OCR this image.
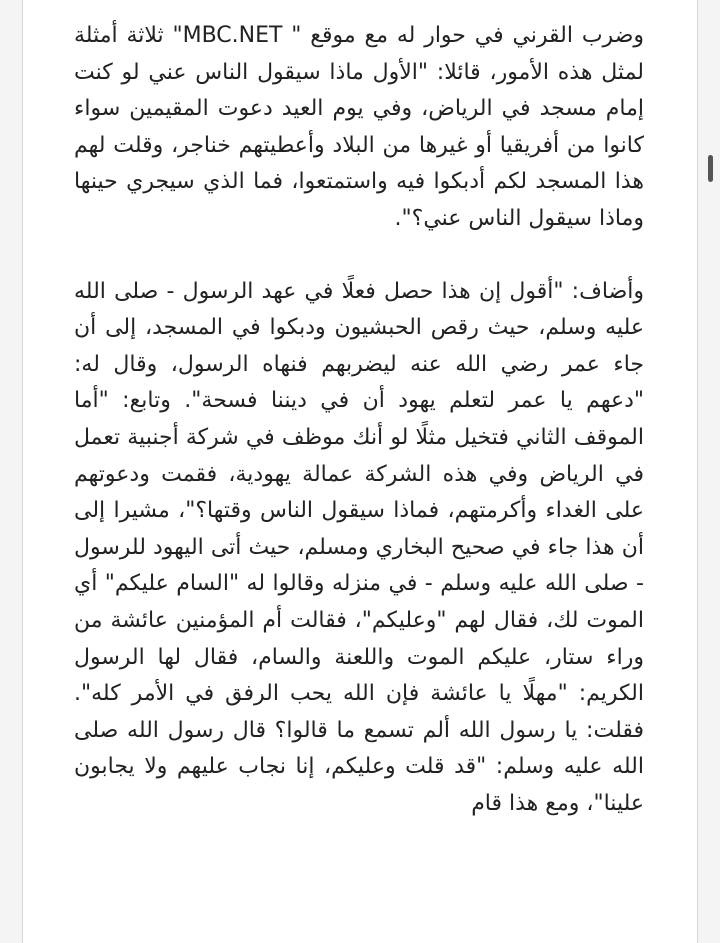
وضرب القرني في حوار له مع موقع " MBC.NET" ثلاثة أمثلة لمثل هذه الأمور، قائلا: "الأول ماذا سيقول الناس عني لو كنت إمام مسجد في الرياض، وفي يوم العيد دعوت المقيمين سواء كانوا من أفريقيا أو غيرها من البلاد وأعطيتهم خناجر، وقلت لهم هذا المسجد لكم أدبكوا فيه واستمتعوا، فما الذي سيجري حينها وماذا سيقول الناس عني؟".

وأضاف: "أقول إن هذا حصل فعلًا في عهد الرسول - صلى الله عليه وسلم، حيث رقص الحبشيون ودبكوا في المسجد، إلى أن جاء عمر رضي الله عنه ليضربهم فنهاه الرسول، وقال له: "دعهم يا عمر لتعلم يهود أن في ديننا فسحة". وتابع: "أما الموقف الثاني فتخيل مثلًا لو أنك موظف في شركة أجنبية تعمل في الرياض وفي هذه الشركة عمالة يهودية، فقمت ودعوتهم على الغداء وأكرمتهم، فماذا سيقول الناس وقتها؟"، مشيرا إلى أن هذا جاء في صحيح البخاري ومسلم، حيث أتى اليهود للرسول - صلى الله عليه وسلم - في منزله وقالوا له "السام عليكم" أي الموت لك، فقال لهم "وعليكم"، فقالت أم المؤمنين عائشة من وراء ستار، عليكم الموت واللعنة والسام، فقال لها الرسول الكريم: "مهلًا يا عائشة فإن الله يحب الرفق في الأمر كله". فقلت: يا رسول الله ألم تسمع ما قالوا؟ قال رسول الله صلى الله عليه وسلم: "قد قلت وعليكم، إنا نجاب عليهم ولا يجابون علينا"، ومع هذا قام
